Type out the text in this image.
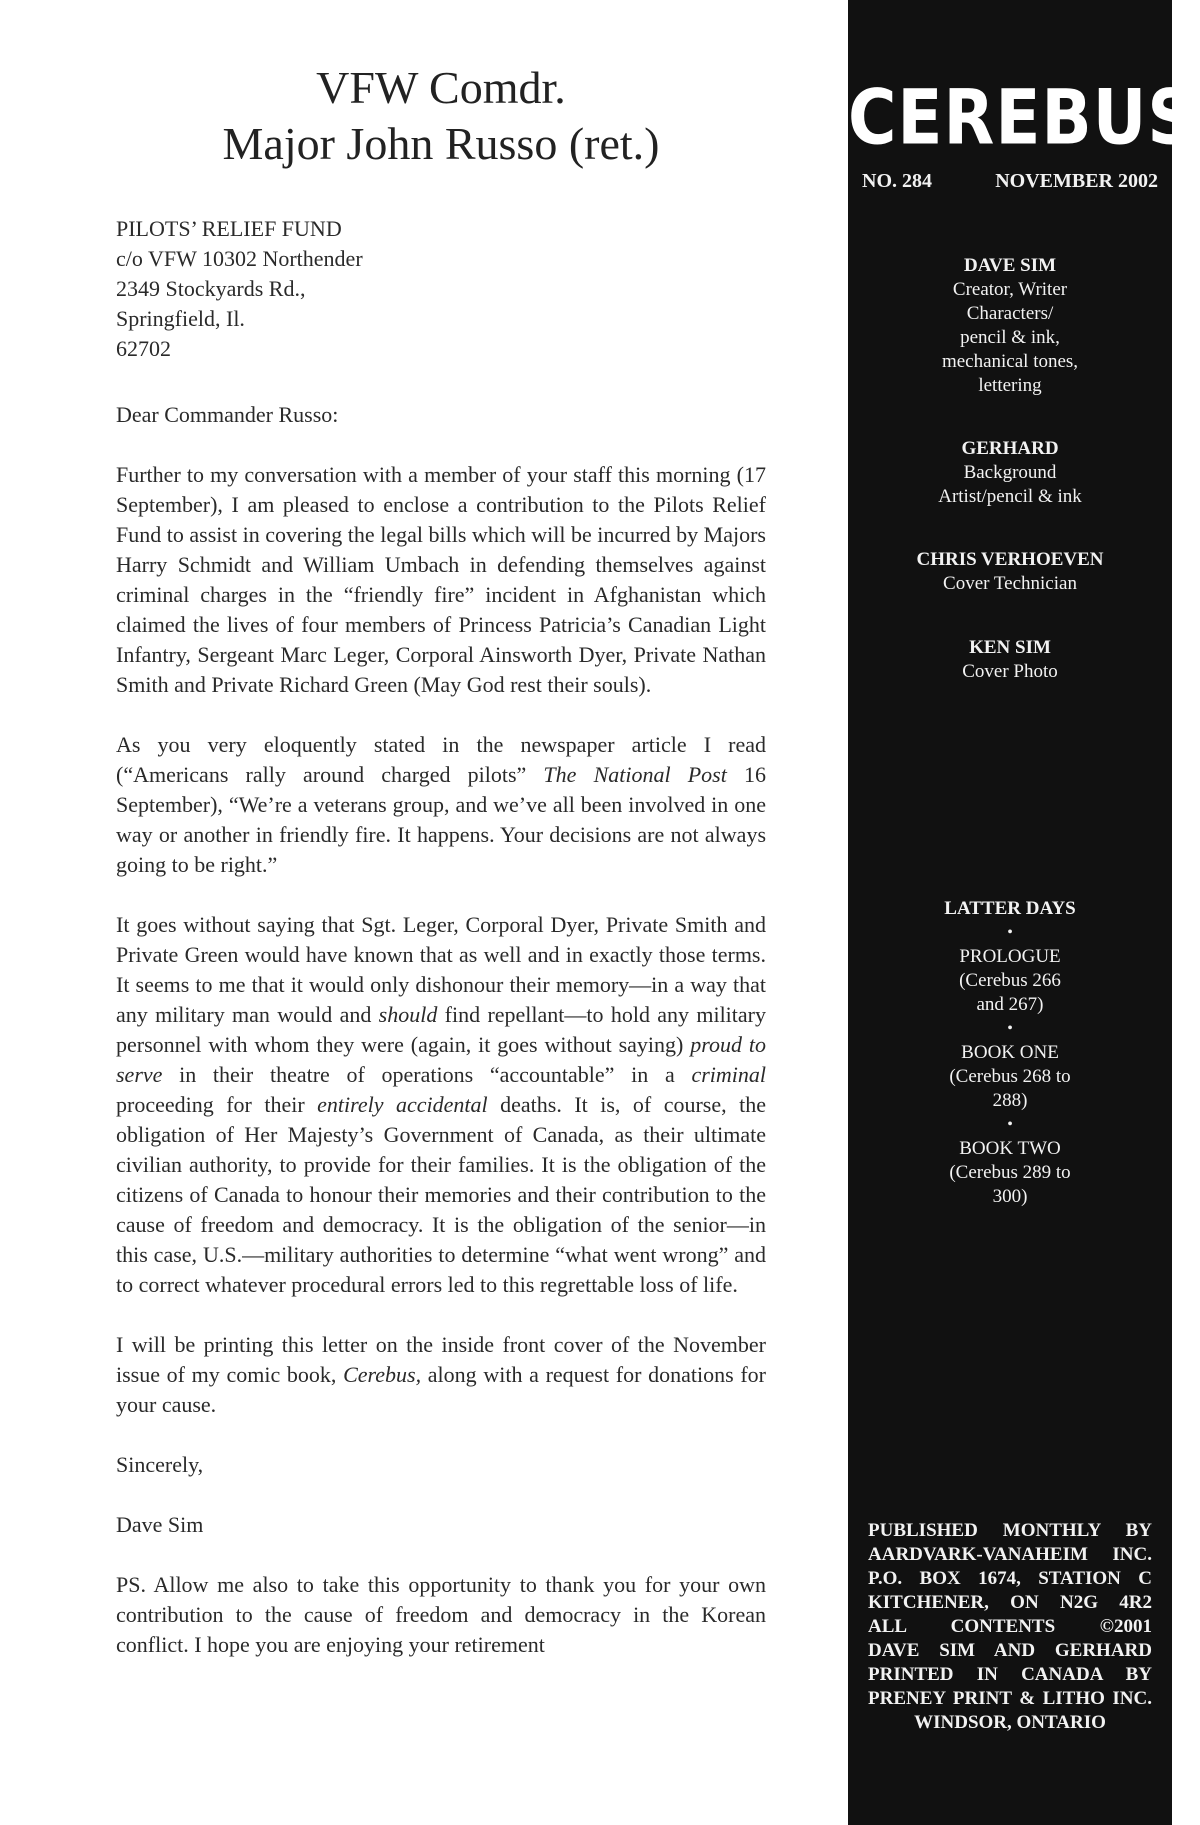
VFW Comdr.
Major John Russo (ret.)
PILOTS’ RELIEF FUND
c/o VFW 10302 Northender
2349 Stockyards Rd.,
Springfield, Il.
62702
Dear Commander Russo:

Further to my conversation with a member of your staff this morning (17 September), I am pleased to enclose a contribution to the Pilots Relief Fund to assist in covering the legal bills which will be incurred by Majors Harry Schmidt and William Umbach in defending themselves against criminal charges in the “friendly fire” incident in Afghanistan which claimed the lives of four members of Princess Patricia’s Canadian Light Infantry, Sergeant Marc Leger, Corporal Ainsworth Dyer, Private Nathan Smith and Private Richard Green (May God rest their souls).

As you very eloquently stated in the newspaper article I read (“Americans rally around charged pilots” The National Post 16 September), “We’re a veterans group, and we’ve all been involved in one way or another in friendly fire. It happens. Your decisions are not always going to be right.”

It goes without saying that Sgt. Leger, Corporal Dyer, Private Smith and Private Green would have known that as well and in exactly those terms. It seems to me that it would only dishonour their memory—in a way that any military man would and should find repellant—to hold any military personnel with whom they were (again, it goes without saying) proud to serve in their theatre of operations “accountable” in a criminal proceeding for their entirely accidental deaths. It is, of course, the obligation of Her Majesty’s Government of Canada, as their ultimate civilian authority, to provide for their families. It is the obligation of the citizens of Canada to honour their memories and their contribution to the cause of freedom and democracy. It is the obligation of the senior—in this case, U.S.—military authorities to determine “what went wrong” and to correct whatever procedural errors led to this regrettable loss of life.

I will be printing this letter on the inside front cover of the November issue of my comic book, Cerebus, along with a request for donations for your cause.

Sincerely,
Dave Sim

PS. Allow me also to take this opportunity to thank you for your own contribution to the cause of freedom and democracy in the Korean conflict. I hope you are enjoying your retirement

CEREBUS
NO. 284	NOVEMBER 2002
DAVE SIM
Creator, Writer
Characters/
pencil & ink,
mechanical tones,
lettering
GERHARD
Background
Artist/pencil & ink
CHRIS VERHOEVEN
Cover Technician
KEN SIM
Cover Photo
LATTER DAYS
•
PROLOGUE
(Cerebus 266
and 267)
•
BOOK ONE
(Cerebus 268 to
288)
•
BOOK TWO
(Cerebus 289 to
300)
PUBLISHED MONTHLY BY
AARDVARK-VANAHEIM INC.
P.O. BOX 1674, STATION C
KITCHENER, ON N2G 4R2
ALL CONTENTS ©2001
DAVE SIM AND GERHARD
PRINTED IN CANADA BY
PRENEY PRINT & LITHO INC.
WINDSOR, ONTARIO
